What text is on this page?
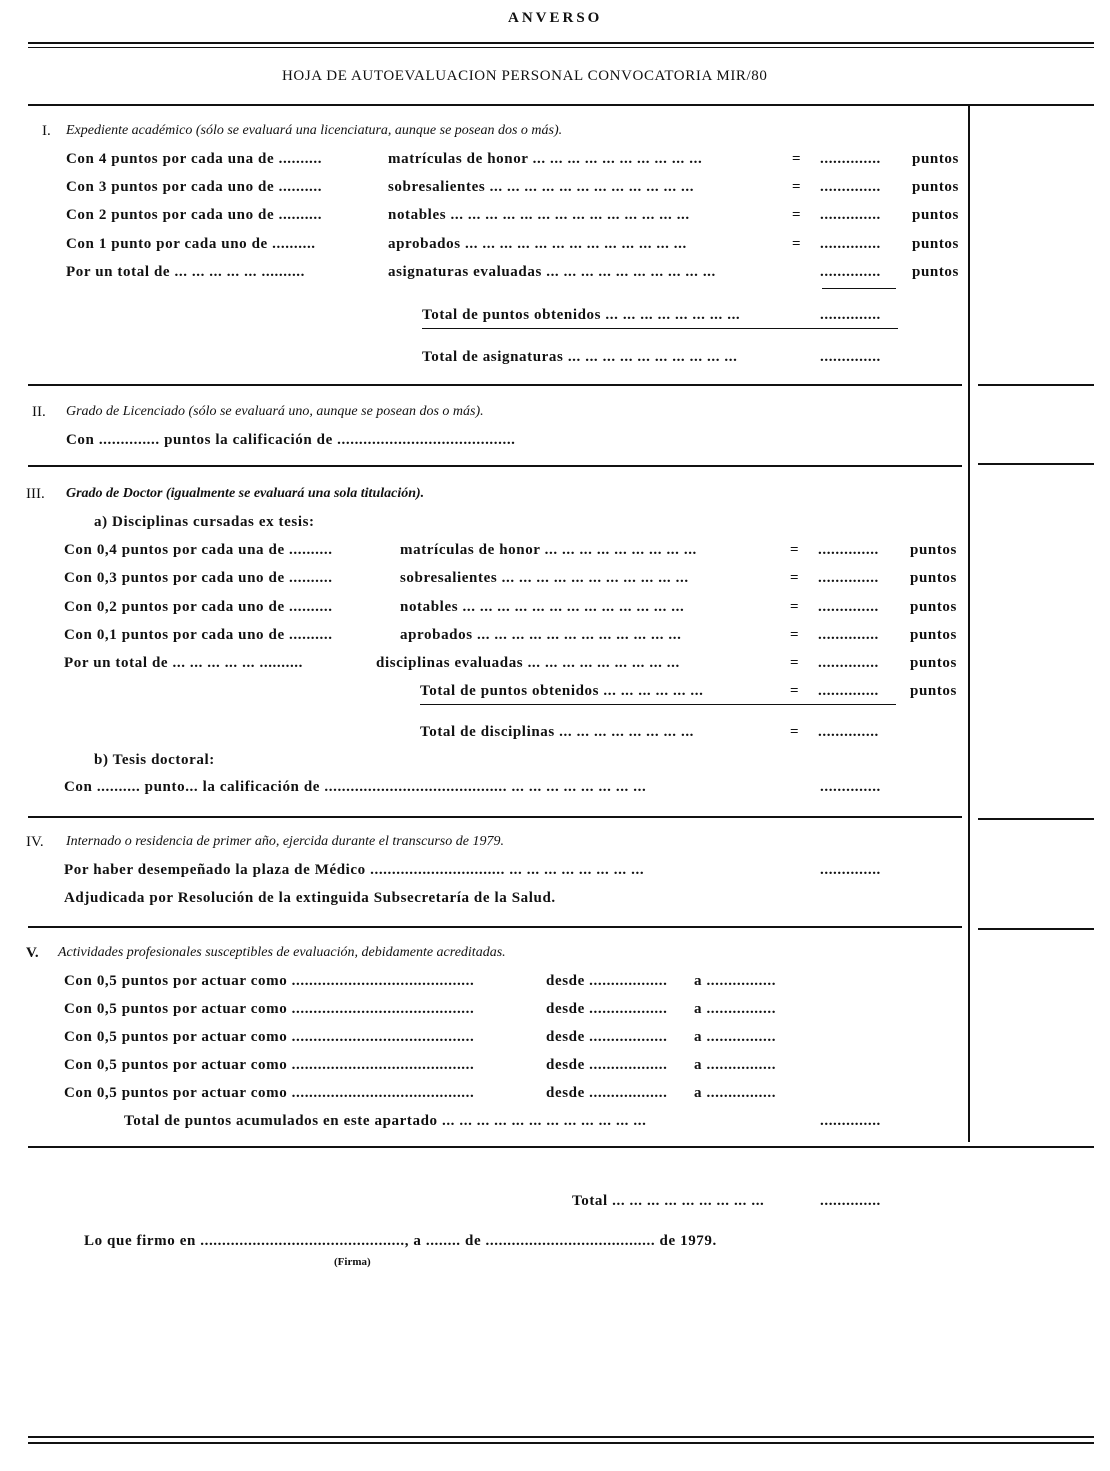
ANVERSO
HOJA DE AUTOEVALUACION PERSONAL CONVOCATORIA MIR/80
I. Expediente académico (sólo se evaluará una licenciatura, aunque se posean dos o más).
Con 4 puntos por cada una de ..........	matrículas de honor ... ... ... ... ... ... ... ... ... ...	= .............. puntos
Con 3 puntos por cada uno de ..........	sobresalientes ... ... ... ... ... ... ... ... ... ... ... ...	= .............. puntos
Con 2 puntos por cada uno de ..........	notables ... ... ... ... ... ... ... ... ... ... ... ... ... ...	= .............. puntos
Con 1 punto por cada uno de ..........	aprobados ... ... ... ... ... ... ... ... ... ... ... ... ...	= .............. puntos
Por un total de ... ... ... ... ... ..........	asignaturas evaluadas ... ... ... ... ... ... ... ... ... ...	.............. puntos
Total de puntos obtenidos ... ... ... ... ... ... ... ...	..............
Total de asignaturas ... ... ... ... ... ... ... ... ... ...	..............
II. Grado de Licenciado (sólo se evaluará uno, aunque se posean dos o más).
Con .............. puntos la calificación de .........................................
III. Grado de Doctor (igualmente se evaluará una sola titulación).
a) Disciplinas cursadas ex tesis:
Con 0,4 puntos por cada una de ..........	matrículas de honor ... ... ... ... ... ... ... ... ...	= .............. puntos
Con 0,3 puntos por cada uno de ..........	sobresalientes ... ... ... ... ... ... ... ... ... ... ...	= .............. puntos
Con 0,2 puntos por cada uno de ..........	notables ... ... ... ... ... ... ... ... ... ... ... ... ...	= .............. puntos
Con 0,1 puntos por cada uno de ..........	aprobados ... ... ... ... ... ... ... ... ... ... ... ...	= .............. puntos
Por un total de ... ... ... ... ... ..........	disciplinas evaluadas ... ... ... ... ... ... ... ... ...	= .............. puntos
Total de puntos obtenidos ... ... ... ... ... ...	= .............. puntos
Total de disciplinas ... ... ... ... ... ... ... ...	= ..............
b) Tesis doctoral:
Con .......... punto... la calificación de .......................................... ... ... ... ... ... ... ... ...	..............
IV. Internado o residencia de primer año, ejercida durante el transcurso de 1979.
Por haber desempeñado la plaza de Médico ............................... ... ... ... ... ... ... ... ...	..............
Adjudicada por Resolución de la extinguida Subsecretaría de la Salud.
V. Actividades profesionales susceptibles de evaluación, debidamente acreditadas.
Con 0,5 puntos por actuar como ..........................................	desde .................. a ................
Con 0,5 puntos por actuar como ..........................................	desde .................. a ................
Con 0,5 puntos por actuar como ..........................................	desde .................. a ................
Con 0,5 puntos por actuar como ..........................................	desde .................. a ................
Con 0,5 puntos por actuar como ..........................................	desde .................. a ................
Total de puntos acumulados en este apartado ... ... ... ... ... ... ... ... ... ... ... ...	..............
Total ... ... ... ... ... ... ... ... ...	..............
Lo que firmo en ..............................................., a ........ de ....................................... de 1979.
(Firma)
